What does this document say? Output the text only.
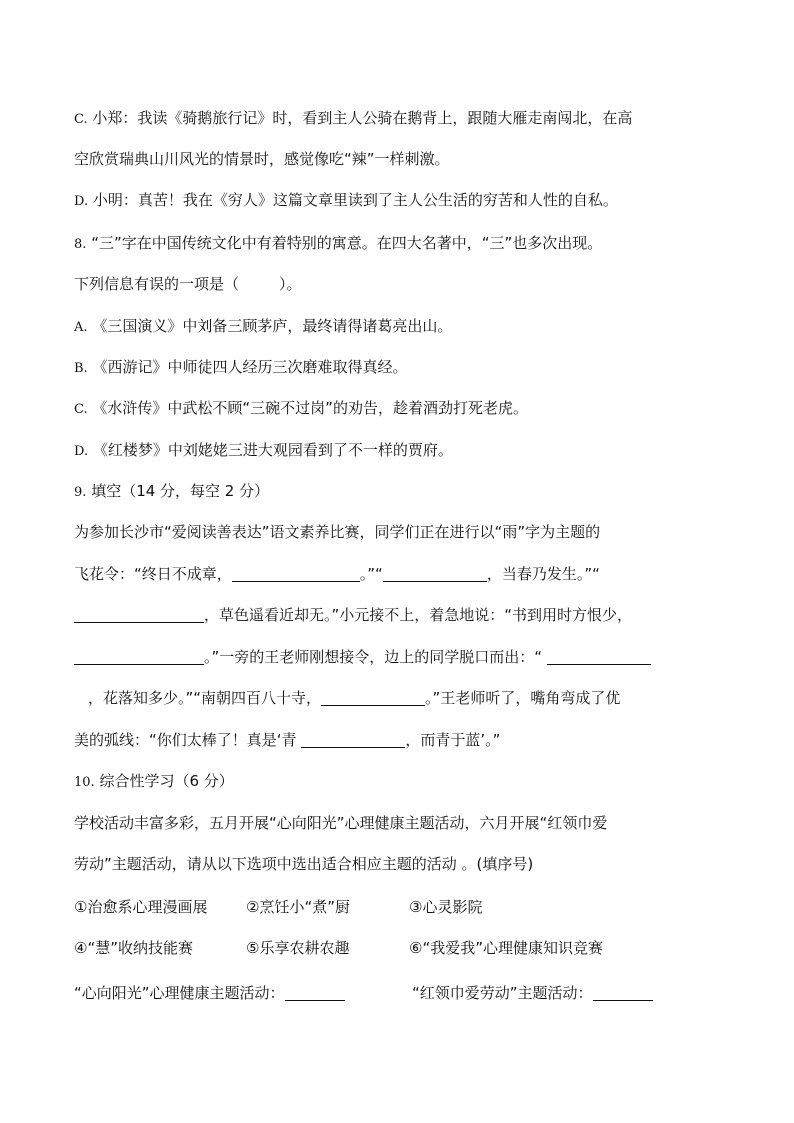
C. 小郑：我读《骑鹅旅行记》时，看到主人公骑在鹅背上，跟随大雁走南闯北，在高
空欣赏瑞典山川风光的情景时，感觉像吃“辣”一样刺激。
D. 小明：真苦！我在《穷人》这篇文章里读到了主人公生活的穷苦和人性的自私。
8. “三”字在中国传统文化中有着特别的寓意。在四大名著中，“三”也多次出现。
下列信息有误的一项是（	）。
A. 《三国演义》中刘备三顾茅庐，最终请得诸葛亮出山。
B. 《西游记》中师徒四人经历三次磨难取得真经。
C. 《水浒传》中武松不顾“三碗不过岗”的劝告，趁着酒劲打死老虎。
D. 《红楼梦》中刘姥姥三进大观园看到了不一样的贾府。
9. 填空（14 分，每空 2 分）
为参加长沙市“爱阅读善表达”语文素养比赛，同学们正在进行以“雨”字为主题的
飞花令：“终日不成章，	。”“	，当春乃发生。”“
，草色遥看近却无。”小元接不上，着急地说：“书到用时方恨少，
。”一旁的王老师刚想接令，边上的同学脱口而出：“
，花落知多少。”“南朝四百八十寺，	。”王老师听了，嘴角弯成了优
美的弧线：“你们太棒了！真是‘青	，而青于蓝’。”
10. 综合性学习（6 分）
学校活动丰富多彩，五月开展“心向阳光”心理健康主题活动，六月开展“红领巾爱
劳动”主题活动，请从以下选项中选出适合相应主题的活动 。(填序号)
①治愈系心理漫画展	②烹饪小“煮”厨	③心灵影院
④“慧”收纳技能赛	⑤乐享农耕农趣	⑥“我爱我”心理健康知识竞赛
“心向阳光”心理健康主题活动：	“红领巾爱劳动”主题活动：
